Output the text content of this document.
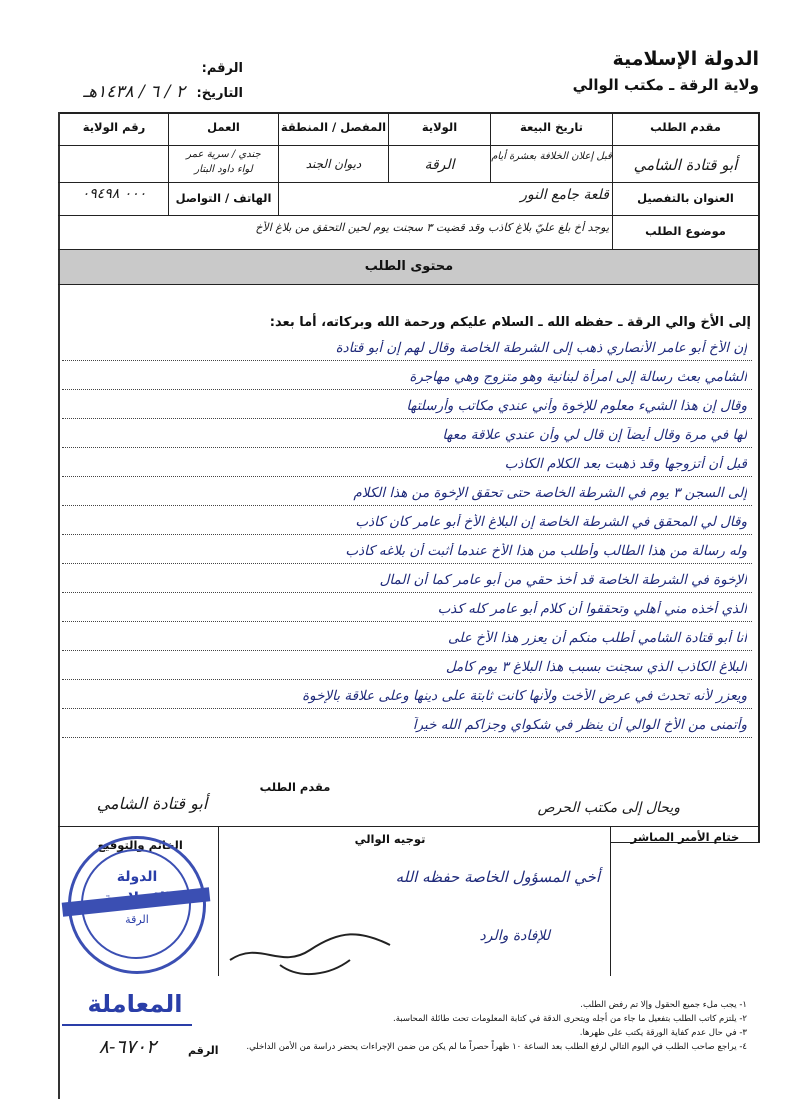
الدولة الإسلامية
ولاية الرقة ـ مكتب الوالي
الرقم:
التاريخ:
٢ / ٦ / ١٤٣٨هـ
مقدم الطلب
تاريخ البيعة
الولاية
المفصل / المنطقة
العمل
رقم الولاية
أبو قتادة الشامي
قبل إعلان الخلافة بعشرة أيام
الرقة
ديوان الجند
جندي / سرية عمر
لواء داود البتار
العنوان بالتفصيل
قلعة جامع النور
الهاتف / التواصل
٠٠٠ ٠٩٤٩٨
موضوع الطلب
يوجد أخ بلغ عليّ بلاغ كاذب وقد قضيت ٣ سجنت يوم لحين التحقق من بلاغ الأخ
محتوى الطلب
إلى الأخ والي الرقة ـ حفظه الله ـ السلام عليكم ورحمة الله وبركاته، أما بعد:
إن الأخ أبو عامر الأنصاري ذهب إلى الشرطة الخاصة وقال لهم إن أبو قتادة
الشامي بعث رسالة إلى امرأة لبنانية وهو متزوج وهي مهاجرة
وقال إن هذا الشيء معلوم للإخوة وأني عندي مكاتب وأرسلتها
لها في مرة وقال أيضاً إن قال لي وأن عندي علاقة معها
قبل أن أتزوجها وقد ذهبت بعد الكلام الكاذب
إلى السجن ٣ يوم في الشرطة الخاصة حتى تحقق الإخوة من هذا الكلام
وقال لي المحقق في الشرطة الخاصة إن البلاغ الأخ أبو عامر كان كاذب
وله رسالة من هذا الطالب وأطلب من هذا الأخ عندما أثبت أن بلاغه كاذب
الإخوة في الشرطة الخاصة قد أخذ حقي من أبو عامر كما أن المال
الذي أخذه مني أهلي وتحققوا أن كلام أبو عامر كله كذب
أنا أبو قتادة الشامي أطلب منكم أن يعزر هذا الأخ على
البلاغ الكاذب الذي سجنت بسبب هذا البلاغ ٣ يوم كامل
ويعزر لأنه تحدث في عرض الأخت ولأنها كانت ثابتة على دينها وعلى علاقة بالإخوة
وأتمنى من الأخ الوالي أن ينظر في شكواي وجزاكم الله خيراً
مقدم الطلب
أبو قتادة الشامي	ويحال إلى مكتب الحرص
ختام الأمير المباشر
توجيه الوالي
الخاتم والتوقيع
أخي المسؤول الخاصة حفظه الله
للإفادة والرد
الدولة
الرقة
المعاملة
الرقم
٦٧٠٢-٨
١- يجب ملء جميع الحقول وإلا تم رفض الطلب.
٢- يلتزم كاتب الطلب بتفعيل ما جاء من أجله ويتحرى الدقة في كتابة المعلومات تحت طائلة المحاسبة.
٣- في حال عدم كفاية الورقة يكتب على ظهرها.
٤- يراجع صاحب الطلب في اليوم التالي لرفع الطلب بعد الساعة ١٠ ظهراً حصراً ما لم يكن من ضمن الإجراءات يحضر دراسة من الأمن الداخلي.
